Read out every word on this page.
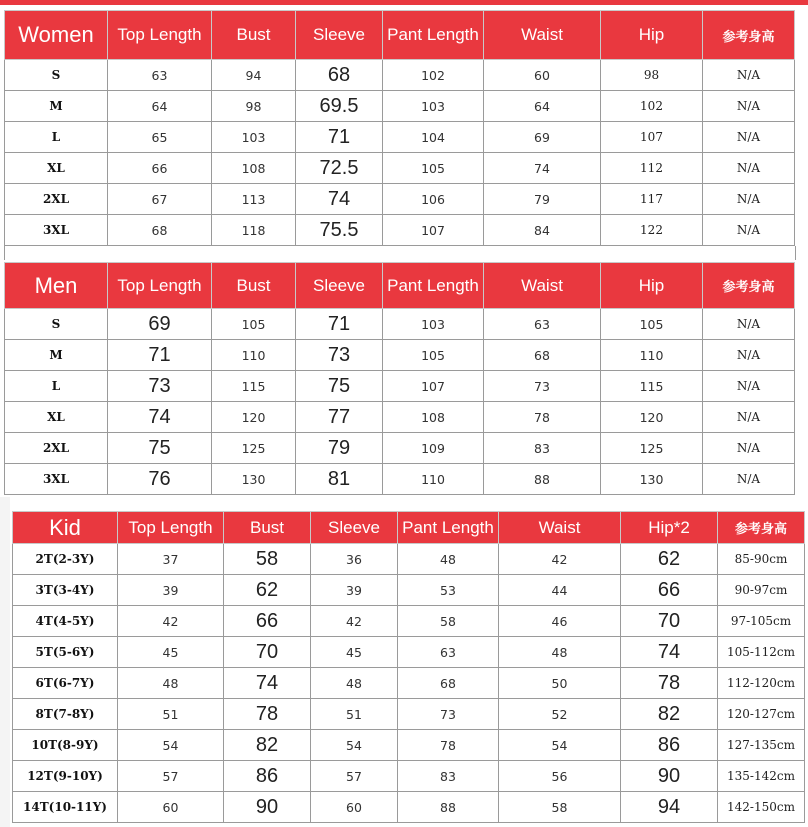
Women	Top Length	Bust	Sleeve	Pant Length	Waist	Hip	参考身高
S	63	94	68	102	60	98	N/A
M	64	98	69.5	103	64	102	N/A
L	65	103	71	104	69	107	N/A
XL	66	108	72.5	105	74	112	N/A
2XL	67	113	74	106	79	117	N/A
3XL	68	118	75.5	107	84	122	N/A
Men	Top Length	Bust	Sleeve	Pant Length	Waist	Hip	参考身高
S	69	105	71	103	63	105	N/A
M	71	110	73	105	68	110	N/A
L	73	115	75	107	73	115	N/A
XL	74	120	77	108	78	120	N/A
2XL	75	125	79	109	83	125	N/A
3XL	76	130	81	110	88	130	N/A
Kid	Top Length	Bust	Sleeve	Pant Length	Waist	Hip*2	参考身高
2T(2-3Y)	37	58	36	48	42	62	85-90cm
3T(3-4Y)	39	62	39	53	44	66	90-97cm
4T(4-5Y)	42	66	42	58	46	70	97-105cm
5T(5-6Y)	45	70	45	63	48	74	105-112cm
6T(6-7Y)	48	74	48	68	50	78	112-120cm
8T(7-8Y)	51	78	51	73	52	82	120-127cm
10T(8-9Y)	54	82	54	78	54	86	127-135cm
12T(9-10Y)	57	86	57	83	56	90	135-142cm
14T(10-11Y)	60	90	60	88	58	94	142-150cm
